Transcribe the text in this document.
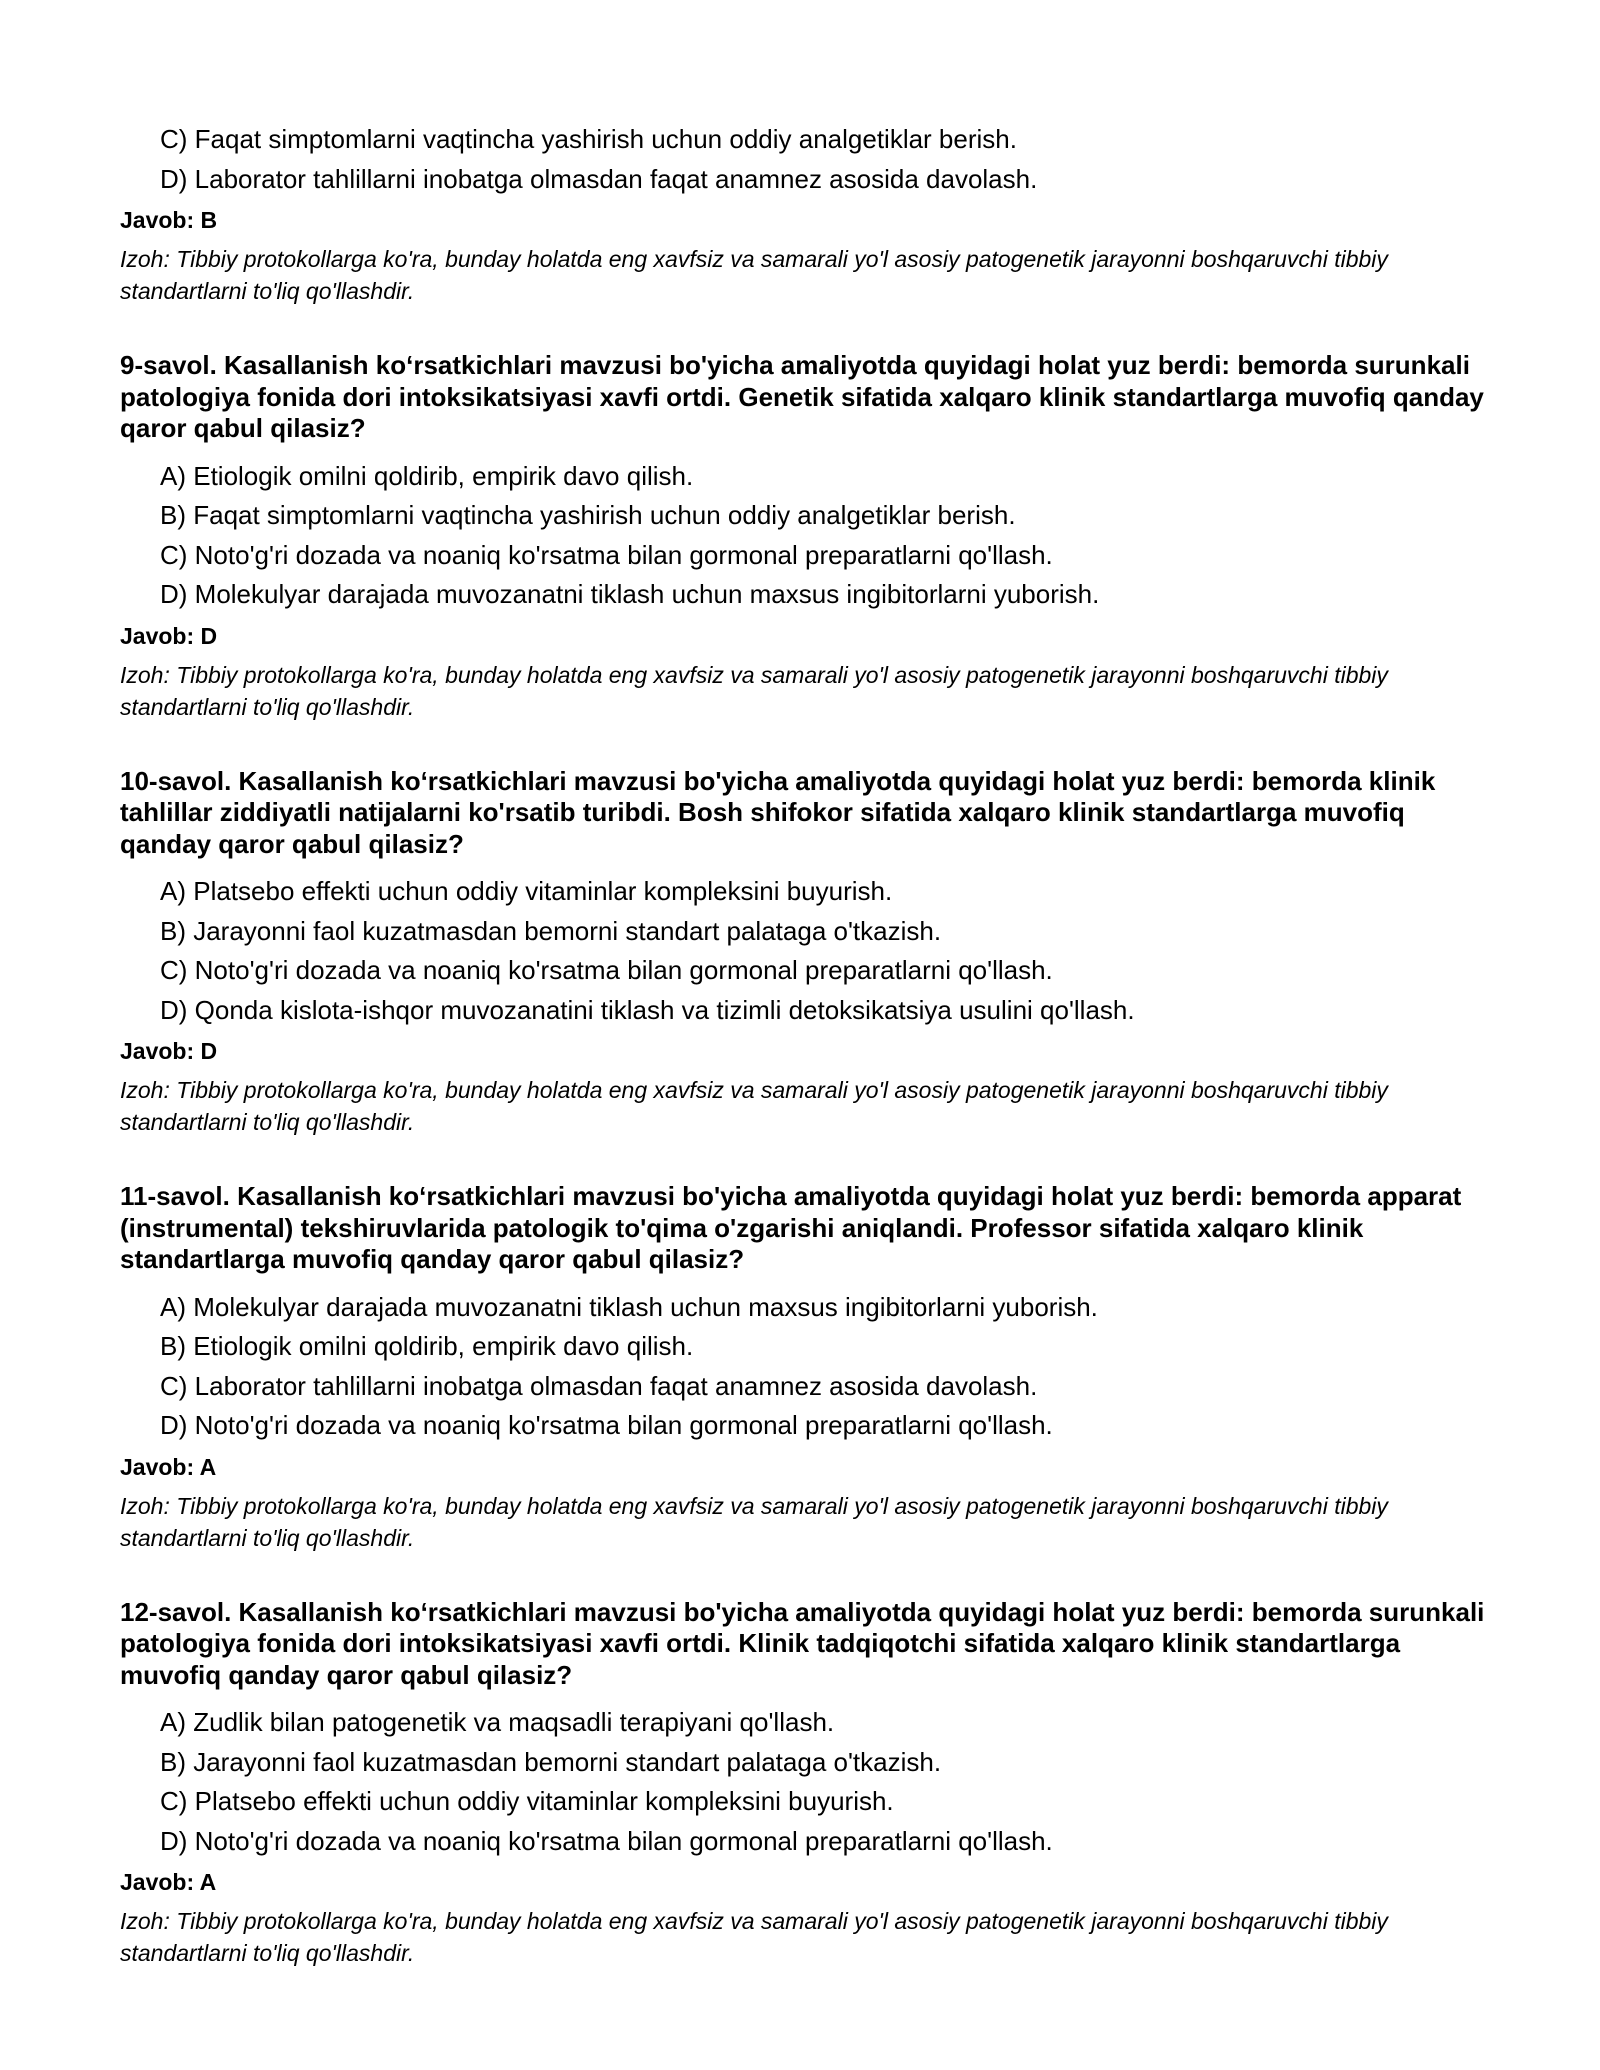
C) Faqat simptomlarni vaqtincha yashirish uchun oddiy analgetiklar berish.
D) Laborator tahlillarni inobatga olmasdan faqat anamnez asosida davolash.
Javob: B
Izoh: Tibbiy protokollarga ko'ra, bunday holatda eng xavfsiz va samarali yo'l asosiy patogenetik jarayonni boshqaruvchi tibbiy standartlarni to'liq qo'llashdir.
9-savol. Kasallanish ko‘rsatkichlari mavzusi bo'yicha amaliyotda quyidagi holat yuz berdi: bemorda surunkali patologiya fonida dori intoksikatsiyasi xavfi ortdi. Genetik sifatida xalqaro klinik standartlarga muvofiq qanday qaror qabul qilasiz?
A) Etiologik omilni qoldirib, empirik davo qilish.
B) Faqat simptomlarni vaqtincha yashirish uchun oddiy analgetiklar berish.
C) Noto'g'ri dozada va noaniq ko'rsatma bilan gormonal preparatlarni qo'llash.
D) Molekulyar darajada muvozanatni tiklash uchun maxsus ingibitorlarni yuborish.
Javob: D
Izoh: Tibbiy protokollarga ko'ra, bunday holatda eng xavfsiz va samarali yo'l asosiy patogenetik jarayonni boshqaruvchi tibbiy standartlarni to'liq qo'llashdir.
10-savol. Kasallanish ko‘rsatkichlari mavzusi bo'yicha amaliyotda quyidagi holat yuz berdi: bemorda klinik tahlillar ziddiyatli natijalarni ko'rsatib turibdi. Bosh shifokor sifatida xalqaro klinik standartlarga muvofiq qanday qaror qabul qilasiz?
A) Platsebo effekti uchun oddiy vitaminlar kompleksini buyurish.
B) Jarayonni faol kuzatmasdan bemorni standart palataga o'tkazish.
C) Noto'g'ri dozada va noaniq ko'rsatma bilan gormonal preparatlarni qo'llash.
D) Qonda kislota-ishqor muvozanatini tiklash va tizimli detoksikatsiya usulini qo'llash.
Javob: D
Izoh: Tibbiy protokollarga ko'ra, bunday holatda eng xavfsiz va samarali yo'l asosiy patogenetik jarayonni boshqaruvchi tibbiy standartlarni to'liq qo'llashdir.
11-savol. Kasallanish ko‘rsatkichlari mavzusi bo'yicha amaliyotda quyidagi holat yuz berdi: bemorda apparat (instrumental) tekshiruvlarida patologik to'qima o'zgarishi aniqlandi. Professor sifatida xalqaro klinik standartlarga muvofiq qanday qaror qabul qilasiz?
A) Molekulyar darajada muvozanatni tiklash uchun maxsus ingibitorlarni yuborish.
B) Etiologik omilni qoldirib, empirik davo qilish.
C) Laborator tahlillarni inobatga olmasdan faqat anamnez asosida davolash.
D) Noto'g'ri dozada va noaniq ko'rsatma bilan gormonal preparatlarni qo'llash.
Javob: A
Izoh: Tibbiy protokollarga ko'ra, bunday holatda eng xavfsiz va samarali yo'l asosiy patogenetik jarayonni boshqaruvchi tibbiy standartlarni to'liq qo'llashdir.
12-savol. Kasallanish ko‘rsatkichlari mavzusi bo'yicha amaliyotda quyidagi holat yuz berdi: bemorda surunkali patologiya fonida dori intoksikatsiyasi xavfi ortdi. Klinik tadqiqotchi sifatida xalqaro klinik standartlarga muvofiq qanday qaror qabul qilasiz?
A) Zudlik bilan patogenetik va maqsadli terapiyani qo'llash.
B) Jarayonni faol kuzatmasdan bemorni standart palataga o'tkazish.
C) Platsebo effekti uchun oddiy vitaminlar kompleksini buyurish.
D) Noto'g'ri dozada va noaniq ko'rsatma bilan gormonal preparatlarni qo'llash.
Javob: A
Izoh: Tibbiy protokollarga ko'ra, bunday holatda eng xavfsiz va samarali yo'l asosiy patogenetik jarayonni boshqaruvchi tibbiy standartlarni to'liq qo'llashdir.
